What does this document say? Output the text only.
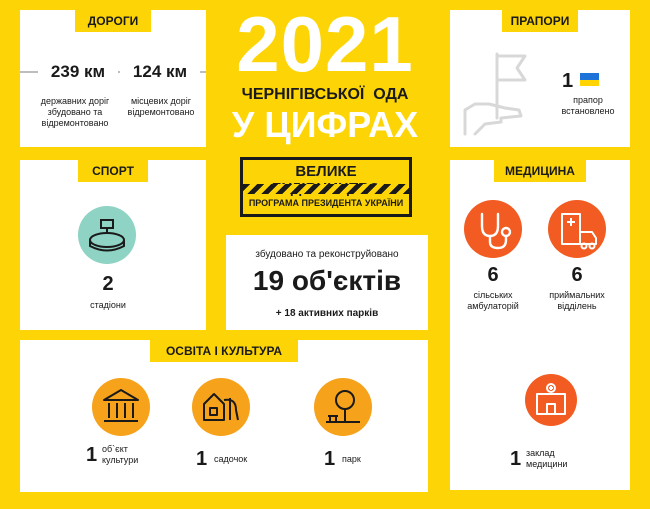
ДОРОГИ
239 км	124 км
державних доріг збудовано та відремонтовано
місцевих доріг відремонтовано
2021
ЧЕРНІГІВСЬКОЇ  ОДА
У ЦИФРАХ
ВЕЛИКЕ
ПРОГРАМА ПРЕЗИДЕНТА УКРАЇНИ
ПРАПОРИ
1
прапор встановлено
СПОРТ
2
стадіони
збудовано та реконструйовано
19 об'єктів
+ 18 активних парків
МЕДИЦИНА
6	6
сільських амбулаторій
приймальних відділень
1 заклад медицини
ОСВІТА І КУЛЬТУРА
1 об`єкт культури	1 садочок	1 парк
